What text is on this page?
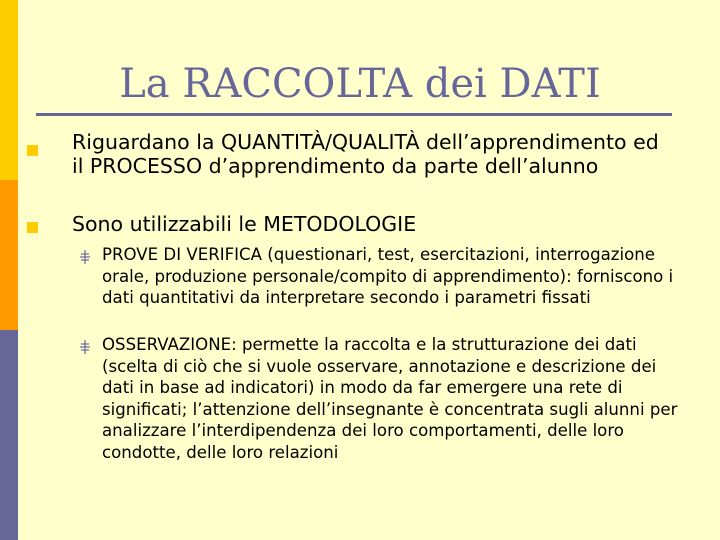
La RACCOLTA dei DATI
Riguardano la QUANTITÀ/QUALITÀ dell’apprendimento ed il PROCESSO d’apprendimento da parte dell’alunno
Sono utilizzabili le METODOLOGIE
PROVE DI VERIFICA (questionari, test, esercitazioni, interrogazione orale, produzione personale/compito di apprendimento): forniscono i dati quantitativi da interpretare secondo i parametri fissati
OSSERVAZIONE: permette la raccolta e la strutturazione dei dati (scelta di ciò che si vuole osservare, annotazione e descrizione dei dati in base ad indicatori) in modo da far emergere una rete di significati; l’attenzione dell’insegnante è concentrata sugli alunni per analizzare l’interdipendenza dei loro comportamenti, delle loro condotte, delle loro relazioni
